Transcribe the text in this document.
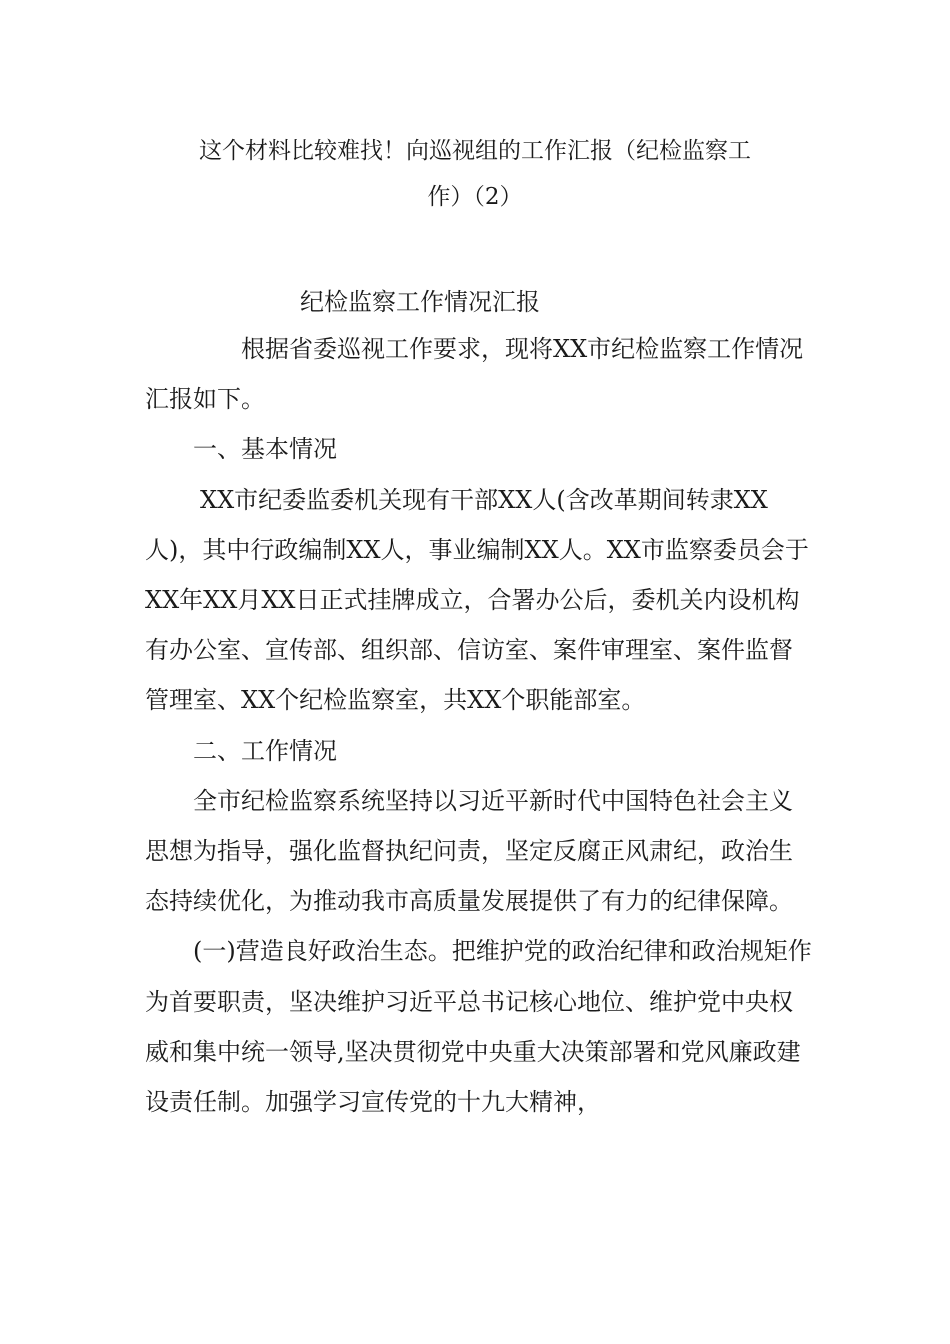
这个材料比较难找！向巡视组的工作汇报（纪检监察工
作）（2）
纪检监察工作情况汇报

根据省委巡视工作要求，现将XX市纪检监察工作情况汇报如下。

一、基本情况

XX市纪委监委机关现有干部XX人(含改革期间转隶XX人)，其中行政编制XX人，事业编制XX人。XX市监察委员会于XX年XX月XX日正式挂牌成立，合署办公后，委机关内设机构有办公室、宣传部、组织部、信访室、案件审理室、案件监督管理室、XX个纪检监察室，共XX个职能部室。

二、工作情况

全市纪检监察系统坚持以习近平新时代中国特色社会主义思想为指导，强化监督执纪问责，坚定反腐正风肃纪，政治生态持续优化，为推动我市高质量发展提供了有力的纪律保障。

(一)营造良好政治生态。把维护党的政治纪律和政治规矩作为首要职责，坚决维护习近平总书记核心地位、维护党中央权威和集中统一领导,坚决贯彻党中央重大决策部署和党风廉政建设责任制。加强学习宣传党的十九大精神，
